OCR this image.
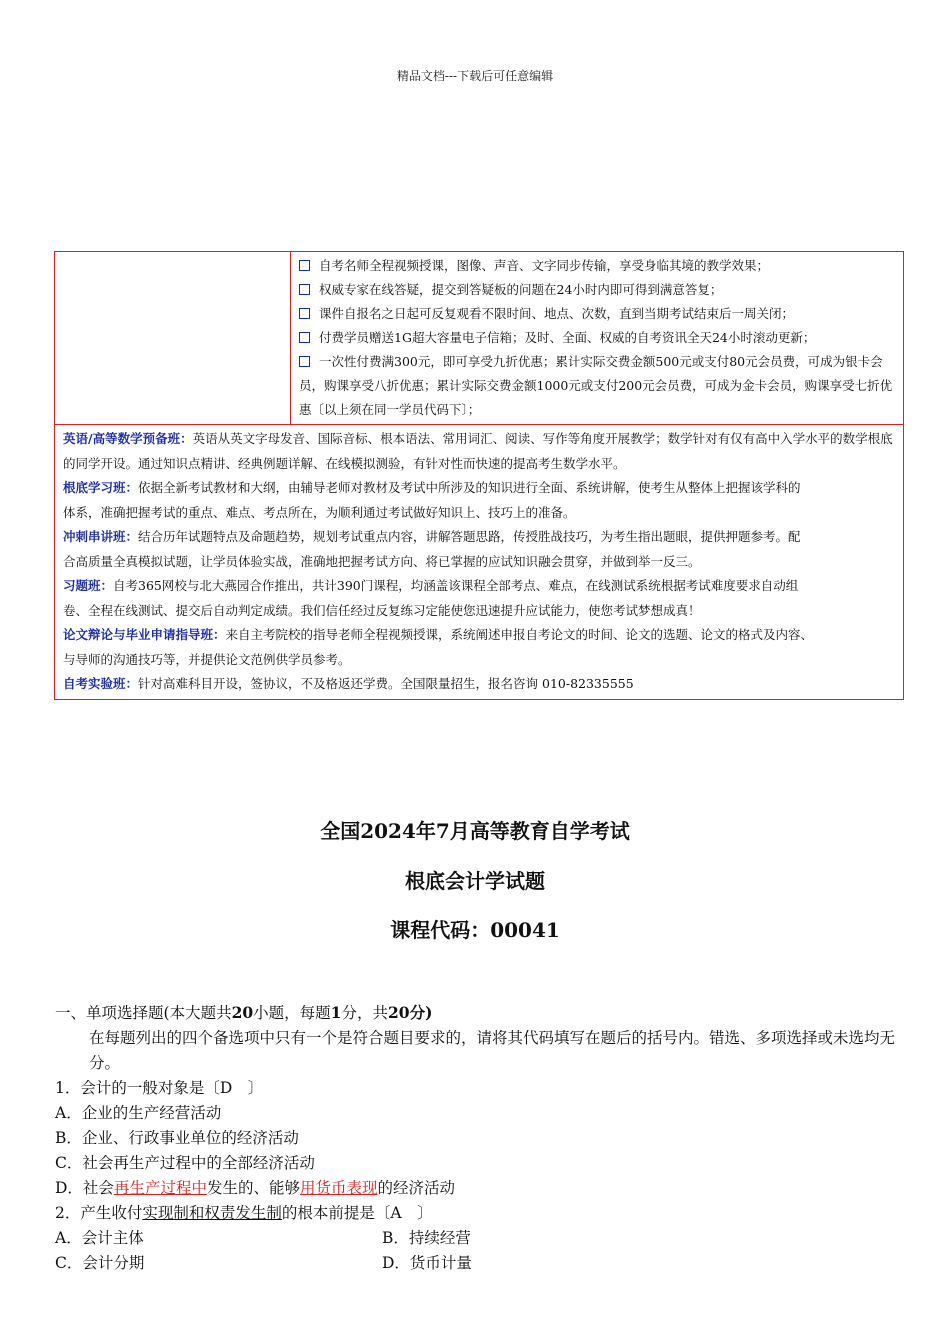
精品文档---下载后可任意编辑
自考名师全程视频授课，图像、声音、文字同步传输，享受身临其境的教学效果；
权威专家在线答疑，提交到答疑板的问题在24小时内即可得到满意答复；
课件自报名之日起可反复观看不限时间、地点、次数，直到当期考试结束后一周关闭；
付费学员赠送1G超大容量电子信箱；及时、全面、权威的自考资讯全天24小时滚动更新；
一次性付费满300元，即可享受九折优惠；累计实际交费金额500元或支付80元会员费，可成为银卡会员，购课享受八折优惠；累计实际交费金额1000元或支付200元会员费，可成为金卡会员，购课享受七折优惠〔以上须在同一学员代码下〕；

英语/高等数学预备班：英语从英文字母发音、国际音标、根本语法、常用词汇、阅读、写作等角度开展教学；数学针对有仅有高中入学水平的数学根底的同学开设。通过知识点精讲、经典例题详解、在线模拟测验，有针对性而快速的提高考生数学水平。

根底学习班：依据全新考试教材和大纲，由辅导老师对教材及考试中所涉及的知识进行全面、系统讲解，使考生从整体上把握该学科的

体系，准确把握考试的重点、难点、考点所在，为顺利通过考试做好知识上、技巧上的准备。

冲刺串讲班：结合历年试题特点及命题趋势，规划考试重点内容，讲解答题思路，传授胜战技巧，为考生指出题眼，提供押题参考。配

合高质量全真模拟试题，让学员体验实战，准确地把握考试方向、将已掌握的应试知识融会贯穿，并做到举一反三。

习题班：自考365网校与北大燕园合作推出，共计390门课程，均涵盖该课程全部考点、难点，在线测试系统根据考试难度要求自动组

卷、全程在线测试、提交后自动判定成绩。我们信任经过反复练习定能使您迅速提升应试能力，使您考试梦想成真！

论文辩论与毕业申请指导班：来自主考院校的指导老师全程视频授课，系统阐述申报自考论文的时间、论文的选题、论文的格式及内容、

与导师的沟通技巧等，并提供论文范例供学员参考。

自考实验班：针对高难科目开设，签协议，不及格返还学费。全国限量招生，报名咨询 010-82335555

全国2024年7月高等教育自学考试
根底会计学试题
课程代码：00041

一、单项选择题(本大题共20小题，每题1分，共20分)

在每题列出的四个备选项中只有一个是符合题目要求的，请将其代码填写在题后的括号内。错选、多项选择或未选均无分。

1．会计的一般对象是〔D　〕

A．企业的生产经营活动

B．企业、行政事业单位的经济活动

C．社会再生产过程中的全部经济活动

D．社会再生产过程中发生的、能够用货币表现的经济活动

2．产生收付实现制和权责发生制的根本前提是〔A　〕

A．会计主体	B．持续经营

C．会计分期	D．货币计量
